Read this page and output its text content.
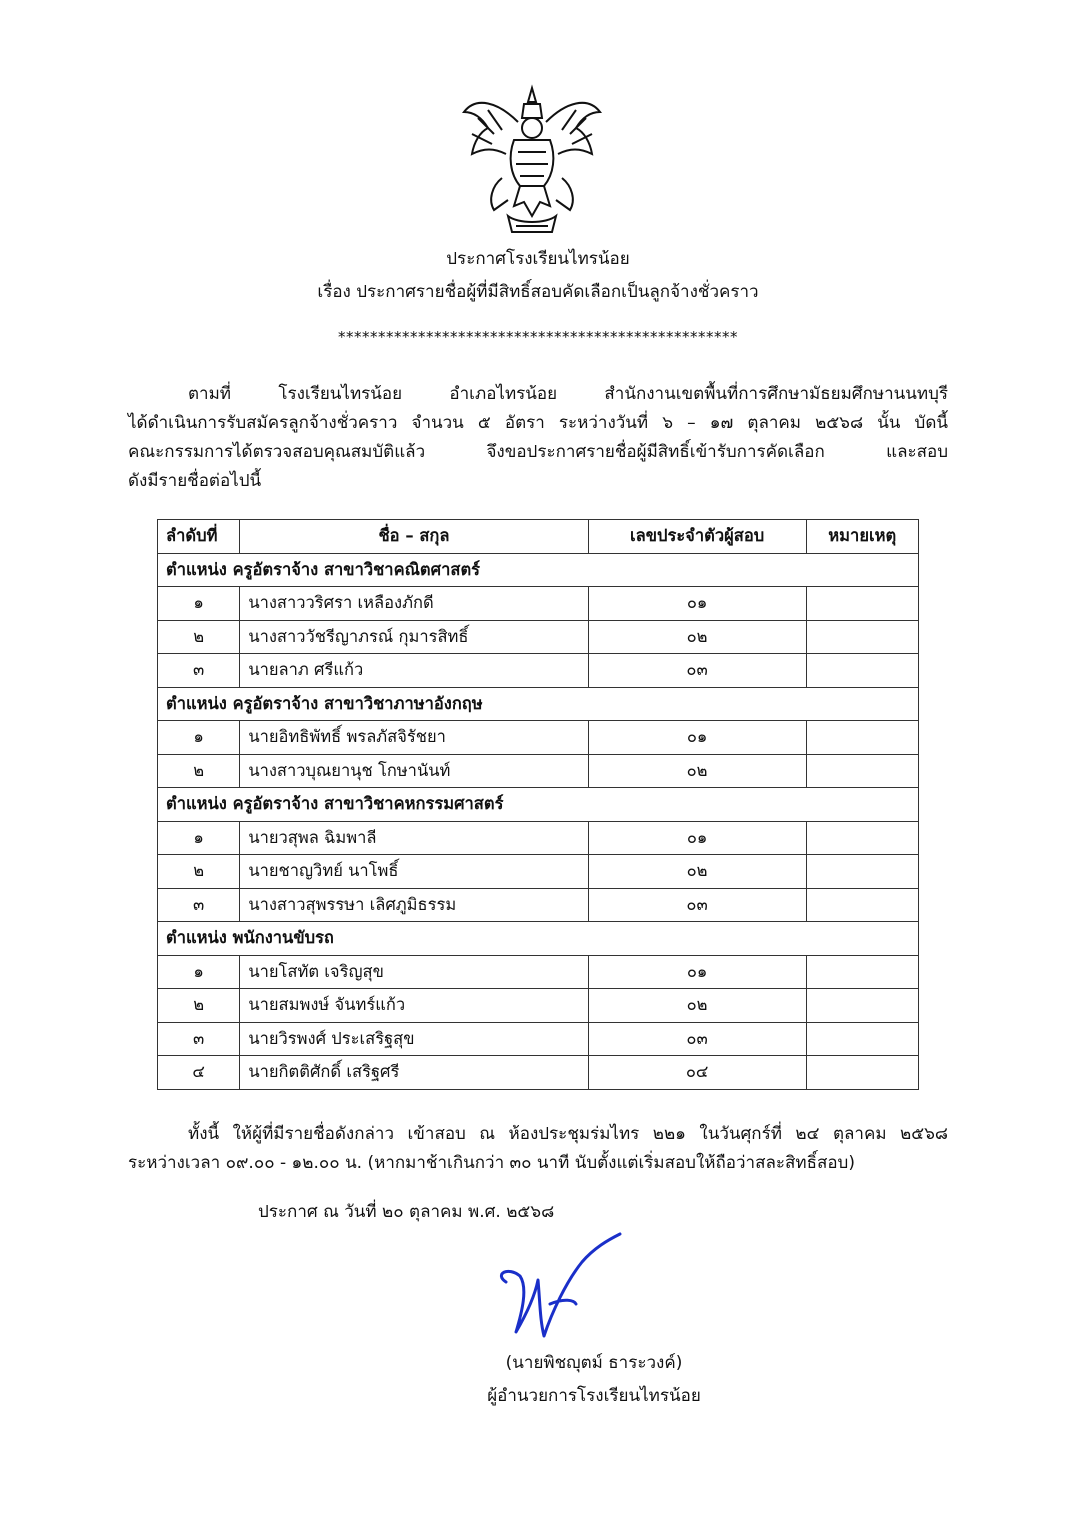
ประกาศโรงเรียนไทรน้อย
เรื่อง ประกาศรายชื่อผู้ที่มีสิทธิ์สอบคัดเลือกเป็นลูกจ้างชั่วคราว
**************************************************
ตามที่ โรงเรียนไทรน้อย อำเภอไทรน้อย สำนักงานเขตพื้นที่การศึกษามัธยมศึกษานนทบุรี
ได้ดำเนินการรับสมัครลูกจ้างชั่วคราว จำนวน ๕ อัตรา ระหว่างวันที่ ๖ – ๑๗ ตุลาคม ๒๕๖๘ นั้น บัดนี้
คณะกรรมการได้ตรวจสอบคุณสมบัติแล้ว จึงขอประกาศรายชื่อผู้มีสิทธิ์เข้ารับการคัดเลือก และสอบ
ดังมีรายชื่อต่อไปนี้
ลำดับที่	ชื่อ – สกุล	เลขประจำตัวผู้สอบ	หมายเหตุ
ตำแหน่ง ครูอัตราจ้าง สาขาวิชาคณิตศาสตร์			
๑	นางสาววริศรา เหลืองภักดี	๐๑	
๒	นางสาววัชรีญาภรณ์ กุมารสิทธิ์	๐๒	
๓	นายลาภ ศรีแก้ว	๐๓	
ตำแหน่ง ครูอัตราจ้าง สาขาวิชาภาษาอังกฤษ			
๑	นายอิทธิพัทธิ์ พรลภัสจิรัชยา	๐๑	
๒	นางสาวบุณยานุช โกษานันท์	๐๒	
ตำแหน่ง ครูอัตราจ้าง สาขาวิชาคหกรรมศาสตร์			
๑	นายวสุพล ฉิมพาลี	๐๑	
๒	นายชาญวิทย์ นาโพธิ์	๐๒	
๓	นางสาวสุพรรษา เลิศภูมิธรรม	๐๓	
ตำแหน่ง พนักงานขับรถ			
๑	นายโสทัต เจริญสุข	๐๑	
๒	นายสมพงษ์ จันทร์แก้ว	๐๒	
๓	นายวิรพงศ์ ประเสริฐสุข	๐๓	
๔	นายกิตติศักดิ์ เสริฐศรี	๐๔	
ทั้งนี้ ให้ผู้ที่มีรายชื่อดังกล่าว เข้าสอบ ณ ห้องประชุมร่มไทร ๒๒๑ ในวันศุกร์ที่ ๒๔ ตุลาคม ๒๕๖๘
ระหว่างเวลา ๐๙.๐๐ - ๑๒.๐๐ น. (หากมาช้าเกินกว่า ๓๐ นาที นับตั้งแต่เริ่มสอบให้ถือว่าสละสิทธิ์สอบ)
ประกาศ ณ วันที่ ๒๐ ตุลาคม พ.ศ. ๒๕๖๘
(นายพิชญุตม์ ธาระวงค์)
ผู้อำนวยการโรงเรียนไทรน้อย
